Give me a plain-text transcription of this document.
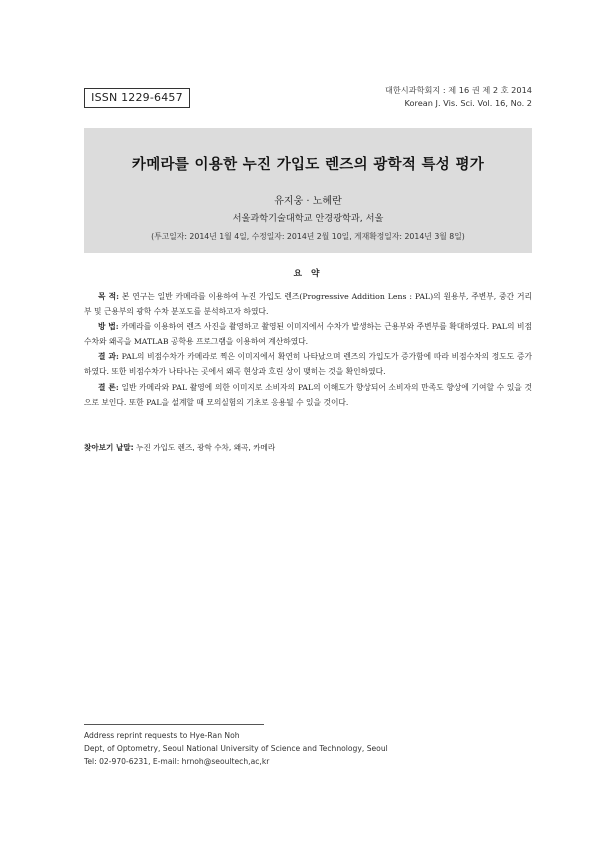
ISSN 1229-6457
대한시과학회지 : 제 16 권 제 2 호 2014
Korean J. Vis. Sci. Vol. 16, No. 2
카메라를 이용한 누진 가입도 렌즈의 광학적 특성 평가
유지웅 · 노혜란
서울과학기술대학교 안경광학과, 서울
(투고일자: 2014년 1월 4일, 수정일자: 2014년 2월 10일, 게재확정일자: 2014년 3월 8일)
요 약

목 적: 본 연구는 일반 카메라를 이용하여 누진 가입도 렌즈(Progressive Addition Lens : PAL)의 원용부, 주변부, 중간 거리부 및 근용부의 광학 수차 분포도를 분석하고자 하였다.

방 법: 카메라를 이용하여 렌즈 사진을 촬영하고 촬영된 이미지에서 수차가 발생하는 근용부와 주변부를 확대하였다. PAL의 비점수차와 왜곡을 MATLAB 공학용 프로그램을 이용하여 계산하였다.

결 과: PAL의 비점수차가 카메라로 찍은 이미지에서 확연히 나타났으며 렌즈의 가입도가 증가함에 따라 비점수차의 정도도 증가하였다. 또한 비점수차가 나타나는 곳에서 왜곡 현상과 흐린 상이 맺히는 것을 확인하였다.

결 론: 일반 카메라와 PAL 촬영에 의한 이미지로 소비자의 PAL의 이해도가 향상되어 소비자의 만족도 향상에 기여할 수 있을 것으로 보인다. 또한 PAL을 설계할 때 모의실험의 기초로 응용될 수 있을 것이다.

찾아보기 낱말: 누진 가입도 렌즈, 광학 수차, 왜곡, 카메라
Address reprint requests to Hye-Ran Noh
Dept, of Optometry, Seoul National University of Science and Technology, Seoul
Tel: 02-970-6231, E-mail: hrnoh@seoultech,ac,kr
